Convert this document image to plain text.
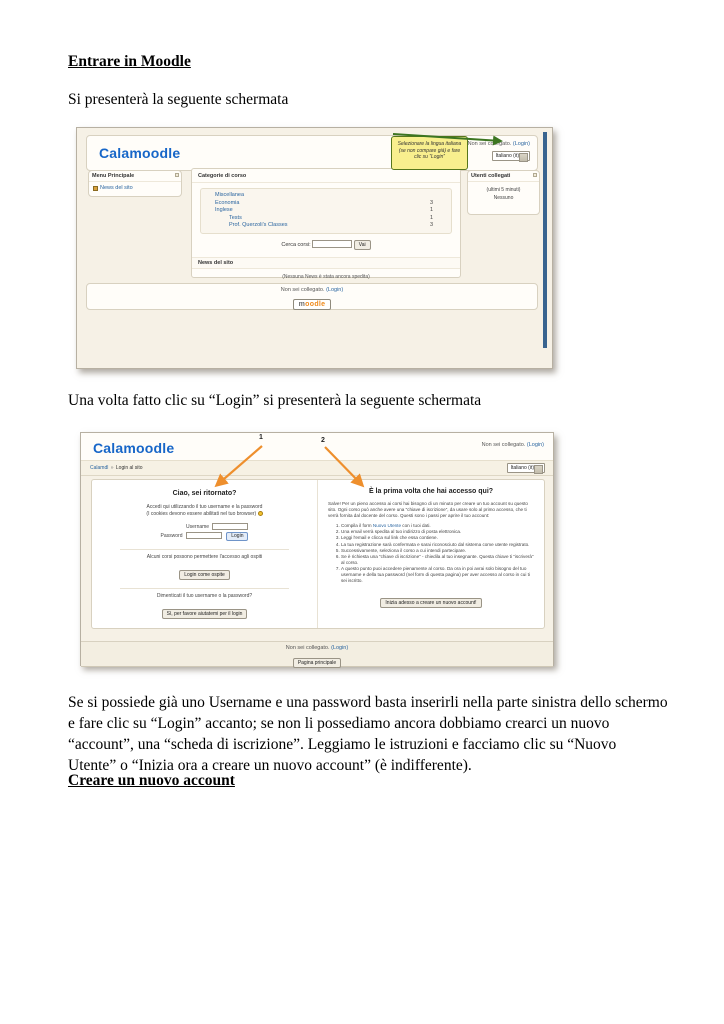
Entrare in Moodle

Si presenterà la seguente schermata

Calamoodle
Non sei collegato. (Login)
Italiano (it)
Selezionare la lingua italiana (se non compare già) e fare clic su “Login”
Menu Principale
News del sito
Categorie di corso
Miscellanea
Economia	3
Inglese	1
Tests	1
Prof. Querzoli's Classes	3
Cerca corsi:	Vai
News del sito
(Nessuna News è stata ancora spedita)
Utenti collegati
(ultimi 5 minuti)
Nessuno
Non sei collegato. (Login)
moodle

Una volta fatto clic su “Login” si presenterà la seguente schermata

Calamoodle	Non sei collegato. (Login)
Calamdl » Login al sito	Italiano (it)
1	2
Ciao, sei ritornato?
Accedi qui utilizzando il tuo username e la password
(I cookies devono essere abilitati nel tuo browser)
Username
Password	Login
Alcuni corsi possono permettere l'accesso agli ospiti
Login come ospite
Dimenticati il tuo username o la password?
Sì, per favore aiutatemi per il login
È la prima volta che hai accesso qui?
Salve! Per un pieno accesso ai corsi hai bisogno di un minuto per creare un tuo account su questo sito. Ogni corso può anche avere una “chiave di iscrizione”, da usare solo al primo accesso, che ti verrà fornita dal docente del corso. Questi sono i passi per aprire il tuo account:
1. Compila il form Nuovo Utente con i tuoi dati.
2. Una email verrà spedita al tuo indirizzo di posta elettronica.
3. Leggi l'email e clicca sul link che essa contiene.
4. La tua registrazione sarà confermata e sarai riconosciuto dal sistema come utente registrato.
5. Successivamente, seleziona il corso a cui intendi partecipare.
6. Se è richiesta una “chiave di iscrizione” - chiedila al tuo insegnante. Questa chiave ti “iscriverà” al corso.
7. A questo punto puoi accedere pienamente al corso. Da ora in poi avrai solo bisogno del tuo username e della tua password (nel form di questa pagina) per aver accesso al corso in cui ti sei iscritto.
Inizia adesso a creare un nuovo account!
Non sei collegato. (Login)
Pagina principale

Se si possiede già uno Username e una password basta inserirli nella parte sinistra dello schermo e fare clic su “Login” accanto; se non li possediamo ancora dobbiamo crearci un nuovo “account”, una “scheda di iscrizione”. Leggiamo le istruzioni e facciamo clic su “Nuovo Utente” o “Inizia ora a creare un nuovo account” (è indifferente).

Creare un nuovo account
